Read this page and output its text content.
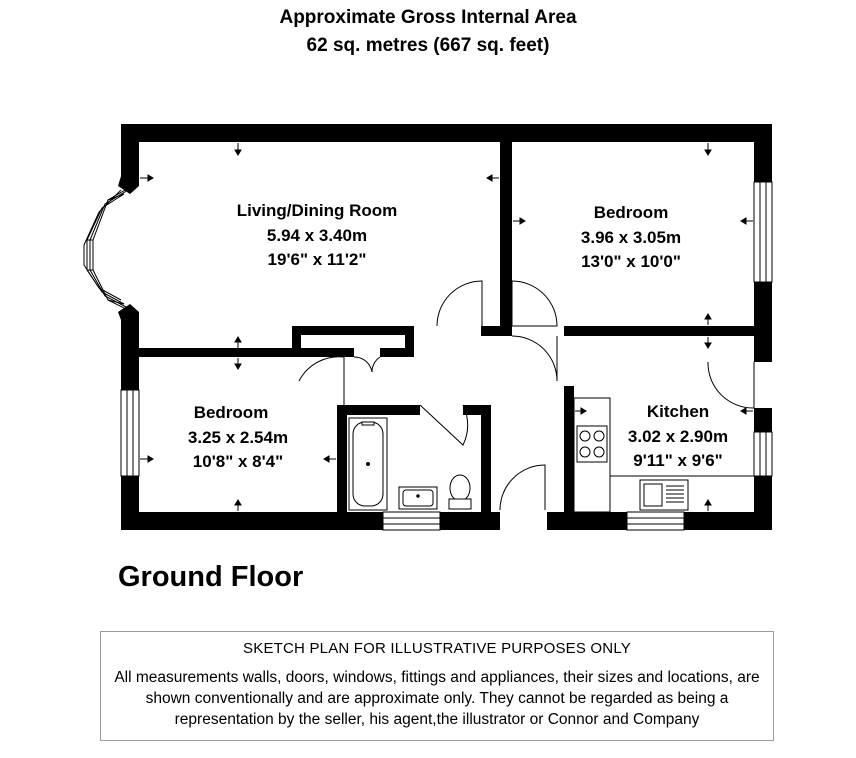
Approximate Gross Internal Area
62 sq. metres (667 sq. feet)
Living/Dining Room
5.94 x 3.40m
19'6" x 11'2"
Bedroom
3.96 x 3.05m
13'0" x 10'0"
Bedroom
3.25 x 2.54m
10'8" x 8'4"
Kitchen
3.02 x 2.90m
9'11" x 9'6"
Ground Floor
SKETCH PLAN FOR ILLUSTRATIVE PURPOSES ONLY
All measurements walls, doors, windows, fittings and appliances, their sizes and locations, are shown conventionally and are approximate only. They cannot be regarded as being a representation by the seller, his agent,the illustrator or Connor and Company
